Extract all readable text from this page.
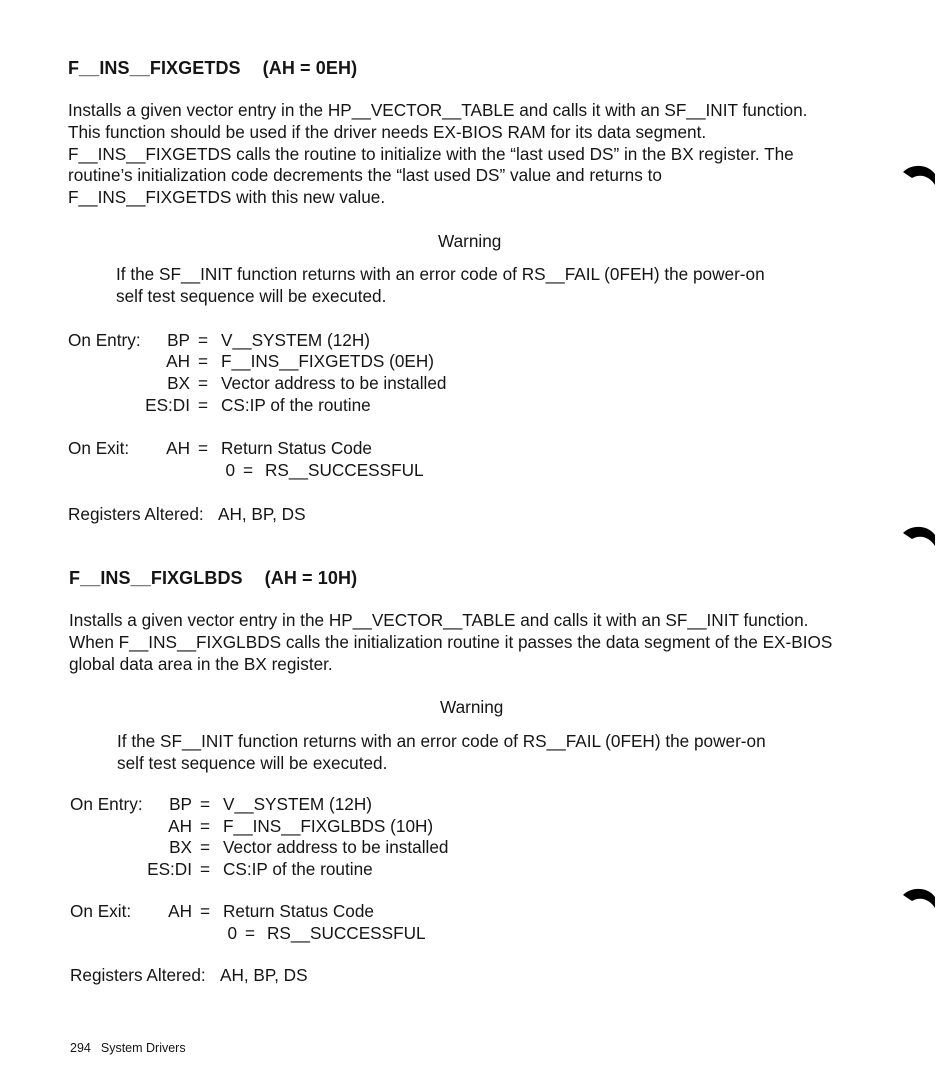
F__INS__FIXGETDS (AH = 0EH)
Installs a given vector entry in the HP__VECTOR__TABLE and calls it with an SF__INIT function.
This function should be used if the driver needs EX-BIOS RAM for its data segment.
F__INS__FIXGETDS calls the routine to initialize with the “last used DS” in the BX register. The
routine’s initialization code decrements the “last used DS” value and returns to
F__INS__FIXGETDS with this new value.
Warning
If the SF__INIT function returns with an error code of RS__FAIL (0FEH) the power-on
self test sequence will be executed.
On Entry:	BP = V__SYSTEM (12H)
AH = F__INS__FIXGETDS (0EH)
BX = Vector address to be installed
ES:DI = CS:IP of the routine
On Exit:	AH = Return Status Code
0 = RS__SUCCESSFUL
Registers Altered: AH, BP, DS
F__INS__FIXGLBDS (AH = 10H)
Installs a given vector entry in the HP__VECTOR__TABLE and calls it with an SF__INIT function.
When F__INS__FIXGLBDS calls the initialization routine it passes the data segment of the EX-BIOS
global data area in the BX register.
Warning
If the SF__INIT function returns with an error code of RS__FAIL (0FEH) the power-on
self test sequence will be executed.
On Entry:	BP = V__SYSTEM (12H)
AH = F__INS__FIXGLBDS (10H)
BX = Vector address to be installed
ES:DI = CS:IP of the routine
On Exit:	AH = Return Status Code
0 = RS__SUCCESSFUL
Registers Altered: AH, BP, DS
294 System Drivers
